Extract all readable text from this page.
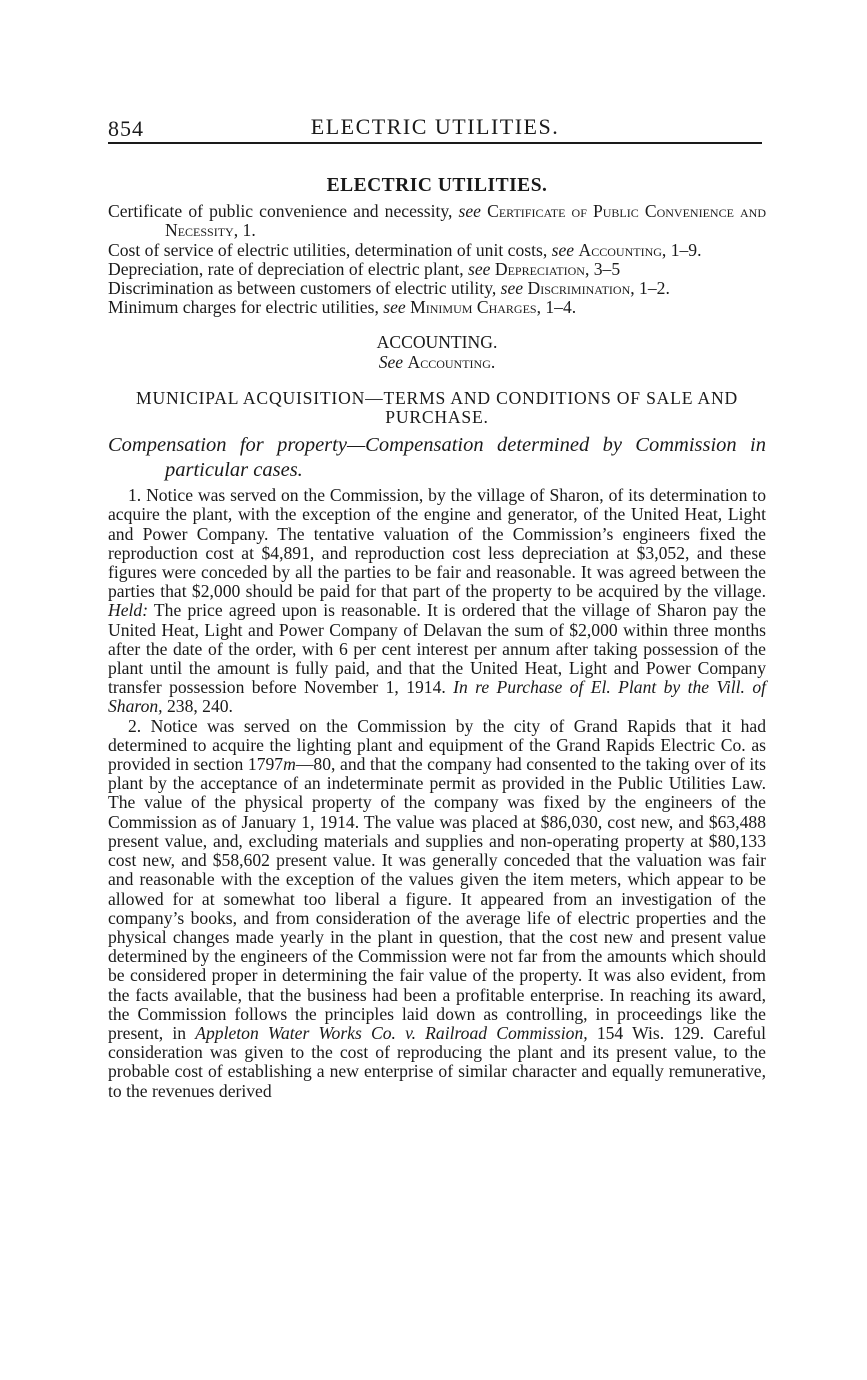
854	ELECTRIC UTILITIES.
ELECTRIC UTILITIES.

Certificate of public convenience and necessity, see Certificate of Public Convenience and Necessity, 1.

Cost of service of electric utilities, determination of unit costs, see Accounting, 1–9.

Depreciation, rate of depreciation of electric plant, see Depreciation, 3–5

Discrimination as between customers of electric utility, see Discrimination, 1–2.

Minimum charges for electric utilities, see Minimum Charges, 1–4.

ACCOUNTING.
See Accounting.
MUNICIPAL ACQUISITION—TERMS AND CONDITIONS OF SALE AND PURCHASE.
Compensation for property—Compensation determined by Commission in particular cases.

1. Notice was served on the Commission, by the village of Sharon, of its determination to acquire the plant, with the exception of the engine and generator, of the United Heat, Light and Power Company. The tentative valuation of the Commission’s engineers fixed the reproduction cost at $4,891, and reproduction cost less depreciation at $3,052, and these figures were conceded by all the parties to be fair and reasonable. It was agreed between the parties that $2,000 should be paid for that part of the property to be acquired by the village. Held: The price agreed upon is reasonable. It is ordered that the village of Sharon pay the United Heat, Light and Power Company of Delavan the sum of $2,000 within three months after the date of the order, with 6 per cent interest per annum after taking possession of the plant until the amount is fully paid, and that the United Heat, Light and Power Company transfer possession before November 1, 1914. In re Purchase of El. Plant by the Vill. of Sharon, 238, 240.

2. Notice was served on the Commission by the city of Grand Rapids that it had determined to acquire the lighting plant and equipment of the Grand Rapids Electric Co. as provided in section 1797m—80, and that the company had consented to the taking over of its plant by the acceptance of an indeterminate permit as provided in the Public Utilities Law. The value of the physical property of the company was fixed by the engineers of the Commission as of January 1, 1914. The value was placed at $86,030, cost new, and $63,488 present value, and, excluding materials and supplies and non-operating property at $80,133 cost new, and $58,602 present value. It was generally conceded that the valuation was fair and reasonable with the exception of the values given the item meters, which appear to be allowed for at somewhat too liberal a figure. It appeared from an investigation of the company’s books, and from consideration of the average life of electric properties and the physical changes made yearly in the plant in question, that the cost new and present value determined by the engineers of the Commission were not far from the amounts which should be considered proper in determining the fair value of the property. It was also evident, from the facts available, that the business had been a profitable enterprise. In reaching its award, the Commission follows the principles laid down as controlling, in proceedings like the present, in Appleton Water Works Co. v. Railroad Commission, 154 Wis. 129. Careful consideration was given to the cost of reproducing the plant and its present value, to the probable cost of establishing a new enterprise of similar character and equally remunerative, to the revenues derived
